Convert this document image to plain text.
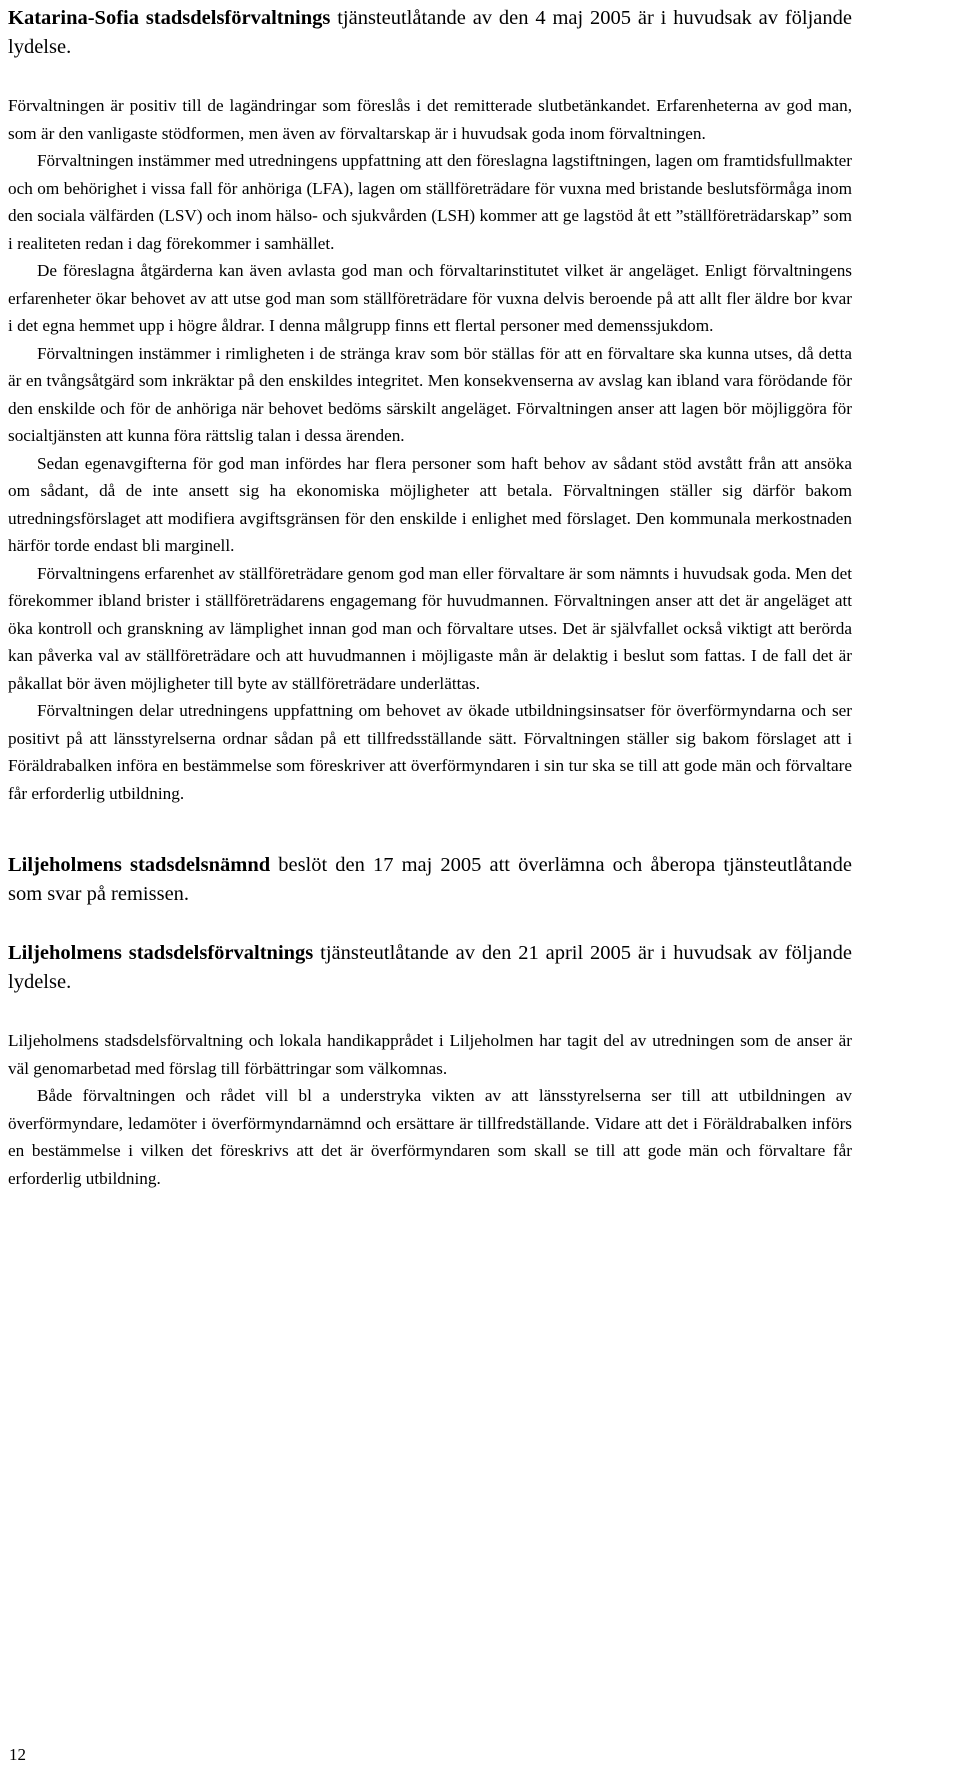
Katarina-Sofia stadsdelsförvaltnings tjänsteutlåtande av den 4 maj 2005 är i huvudsak av följande lydelse.

Förvaltningen är positiv till de lagändringar som föreslås i det remitterade slutbetänkandet. Erfarenheterna av god man, som är den vanligaste stödformen, men även av förvaltarskap är i huvudsak goda inom förvaltningen.

Förvaltningen instämmer med utredningens uppfattning att den föreslagna lagstiftningen, lagen om framtidsfullmakter och om behörighet i vissa fall för anhöriga (LFA), lagen om ställföreträdare för vuxna med bristande beslutsförmåga inom den sociala välfärden (LSV) och inom hälso- och sjukvården (LSH) kommer att ge lagstöd åt ett ”ställföreträdarskap” som i realiteten redan i dag förekommer i samhället.

De föreslagna åtgärderna kan även avlasta god man och förvaltarinstitutet vilket är angeläget. Enligt förvaltningens erfarenheter ökar behovet av att utse god man som ställföreträdare för vuxna delvis beroende på att allt fler äldre bor kvar i det egna hemmet upp i högre åldrar. I denna målgrupp finns ett flertal personer med demenssjukdom.

Förvaltningen instämmer i rimligheten i de stränga krav som bör ställas för att en förvaltare ska kunna utses, då detta är en tvångsåtgärd som inkräktar på den enskildes integritet. Men konsekvenserna av avslag kan ibland vara förödande för den enskilde och för de anhöriga när behovet bedöms särskilt angeläget. Förvaltningen anser att lagen bör möjliggöra för socialtjänsten att kunna föra rättslig talan i dessa ärenden.

Sedan egenavgifterna för god man infördes har flera personer som haft behov av sådant stöd avstått från att ansöka om sådant, då de inte ansett sig ha ekonomiska möjligheter att betala. Förvaltningen ställer sig därför bakom utredningsförslaget att modifiera avgiftsgränsen för den enskilde i enlighet med förslaget. Den kommunala merkostnaden härför torde endast bli marginell.

Förvaltningens erfarenhet av ställföreträdare genom god man eller förvaltare är som nämnts i huvudsak goda. Men det förekommer ibland brister i ställföreträdarens engagemang för huvudmannen. Förvaltningen anser att det är angeläget att öka kontroll och granskning av lämplighet innan god man och förvaltare utses. Det är självfallet också viktigt att berörda kan påverka val av ställföreträdare och att huvudmannen i möjligaste mån är delaktig i beslut som fattas. I de fall det är påkallat bör även möjligheter till byte av ställföreträdare underlättas.

Förvaltningen delar utredningens uppfattning om behovet av ökade utbildningsinsatser för överförmyndarna och ser positivt på att länsstyrelserna ordnar sådan på ett tillfredsställande sätt. Förvaltningen ställer sig bakom förslaget att i Föräldrabalken införa en bestämmelse som föreskriver att överförmyndaren i sin tur ska se till att gode män och förvaltare får erforderlig utbildning.

Liljeholmens stadsdelsnämnd beslöt den 17 maj 2005 att överlämna och åberopa tjänsteutlåtande som svar på remissen.

Liljeholmens stadsdelsförvaltnings tjänsteutlåtande av den 21 april 2005 är i huvudsak av följande lydelse.

Liljeholmens stadsdelsförvaltning och lokala handikapprådet i Liljeholmen har tagit del av utredningen som de anser är väl genomarbetad med förslag till förbättringar som välkomnas.

Både förvaltningen och rådet vill bl a understryka vikten av att länsstyrelserna ser till att utbildningen av överförmyndare, ledamöter i överförmyndarnämnd och ersättare är tillfredställande. Vidare att det i Föräldrabalken införs en bestämmelse i vilken det föreskrivs att det är överförmyndaren som skall se till att gode män och förvaltare får erforderlig utbildning.

12
